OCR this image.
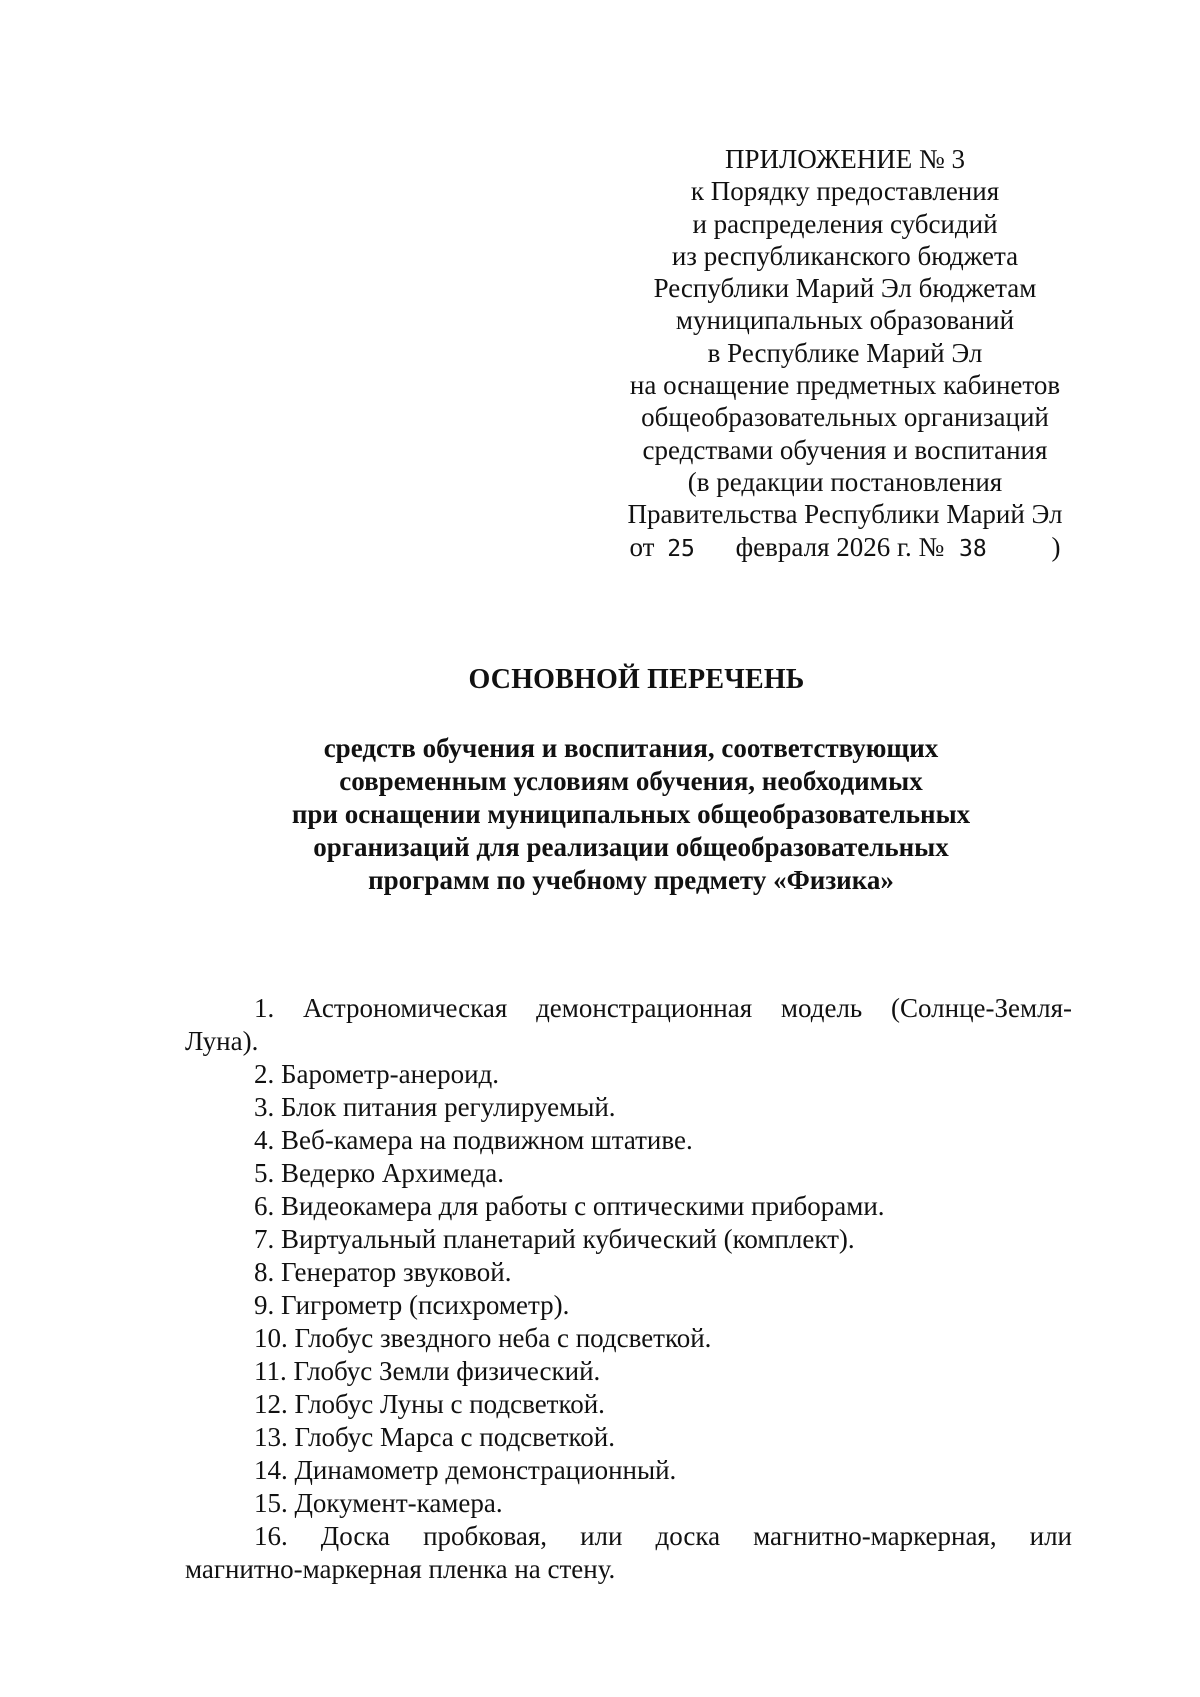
ПРИЛОЖЕНИЕ № 3
к Порядку предоставления
и распределения субсидий
из республиканского бюджета
Республики Марий Эл бюджетам
муниципальных образований
в Республике Марий Эл
на оснащение предметных кабинетов
общеобразовательных организаций
средствами обучения и воспитания
(в редакции постановления
Правительства Республики Марий Эл
от 25 февраля 2026 г. № 38 )
ОСНОВНОЙ ПЕРЕЧЕНЬ
средств обучения и воспитания, соответствующих
современным условиям обучения, необходимых
при оснащении муниципальных общеобразовательных
организаций для реализации общеобразовательных
программ по учебному предмету «Физика»
1. Астрономическая демонстрационная модель (Солнце-Земля-
Луна).
2. Барометр-анероид.
3. Блок питания регулируемый.
4. Веб-камера на подвижном штативе.
5. Ведерко Архимеда.
6. Видеокамера для работы с оптическими приборами.
7. Виртуальный планетарий кубический (комплект).
8. Генератор звуковой.
9. Гигрометр (психрометр).
10. Глобус звездного неба с подсветкой.
11. Глобус Земли физический.
12. Глобус Луны с подсветкой.
13. Глобус Марса с подсветкой.
14. Динамометр демонстрационный.
15. Документ-камера.
16. Доска пробковая, или доска магнитно-маркерная, или
магнитно-маркерная пленка на стену.
